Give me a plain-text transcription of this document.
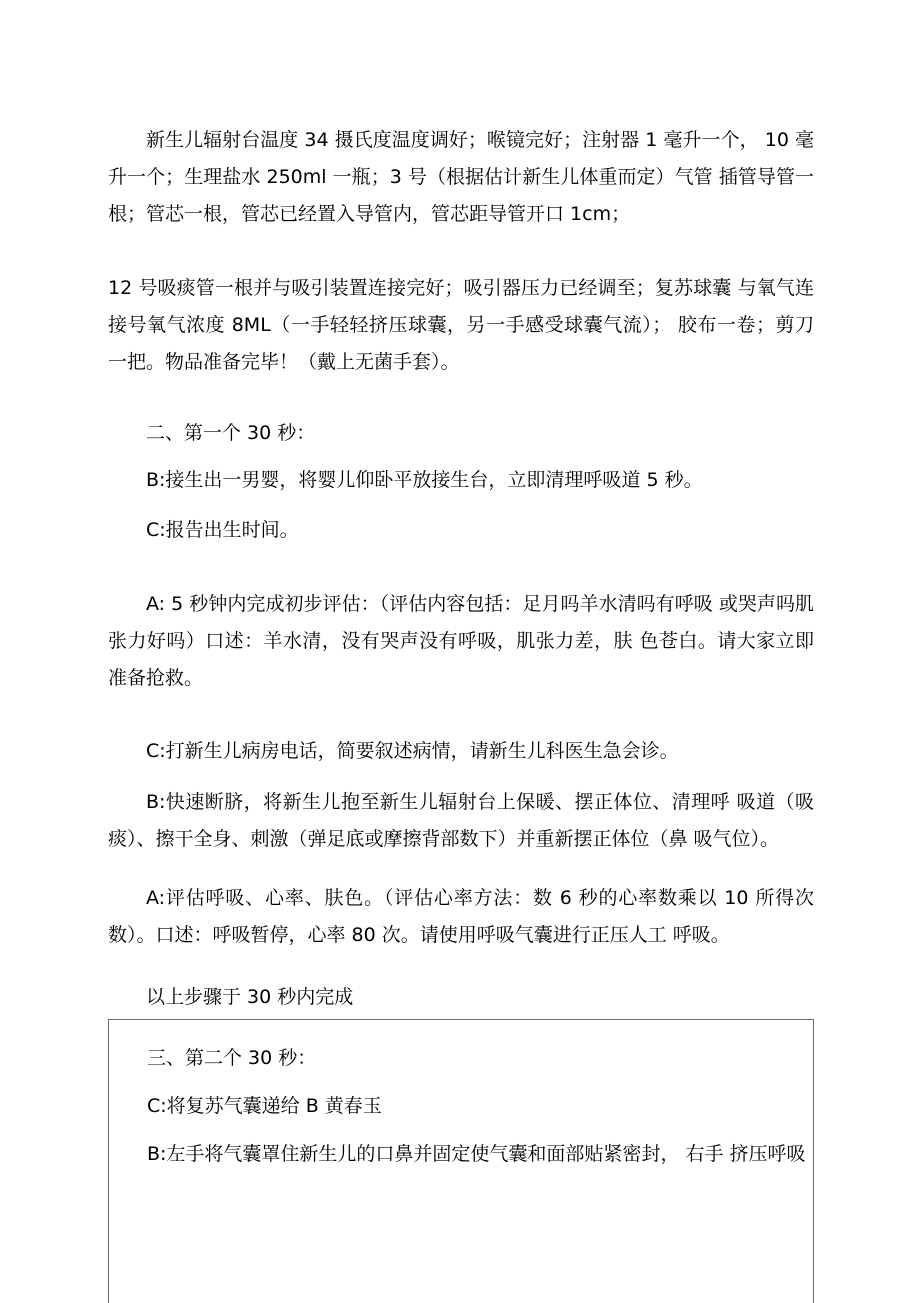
新生儿辐射台温度 34 摄氏度温度调好；喉镜完好；注射器 1 毫升一个， 10 毫升一个；生理盐水 250ml 一瓶；3 号（根据估计新生儿体重而定）气管 插管导管一根；管芯一根，管芯已经置入导管内，管芯距导管开口 1cm；

12 号吸痰管一根并与吸引装置连接完好；吸引器压力已经调至；复苏球囊 与氧气连接号氧气浓度 8ML（一手轻轻挤压球囊，另一手感受球囊气流）； 胶布一卷；剪刀一把。物品准备完毕！（戴上无菌手套）。

二、第一个 30 秒：

B:接生出一男婴，将婴儿仰卧平放接生台，立即清理呼吸道 5 秒。

C:报告出生时间。

A: 5 秒钟内完成初步评估：（评估内容包括：足月吗羊水清吗有呼吸 或哭声吗肌张力好吗）口述：羊水清，没有哭声没有呼吸，肌张力差，肤 色苍白。请大家立即准备抢救。

C:打新生儿病房电话，简要叙述病情，请新生儿科医生急会诊。

B:快速断脐，将新生儿抱至新生儿辐射台上保暖、摆正体位、清理呼 吸道（吸痰）、擦干全身、刺激（弹足底或摩擦背部数下）并重新摆正体位（鼻 吸气位）。

A:评估呼吸、心率、肤色。（评估心率方法：数 6 秒的心率数乘以 10 所得次数）。口述：呼吸暂停，心率 80 次。请使用呼吸气囊进行正压人工 呼吸。

以上步骤于 30 秒内完成

三、第二个 30 秒：

C:将复苏气囊递给 B 黄春玉

B:左手将气囊罩住新生儿的口鼻并固定使气囊和面部贴紧密封， 右手 挤压呼吸
